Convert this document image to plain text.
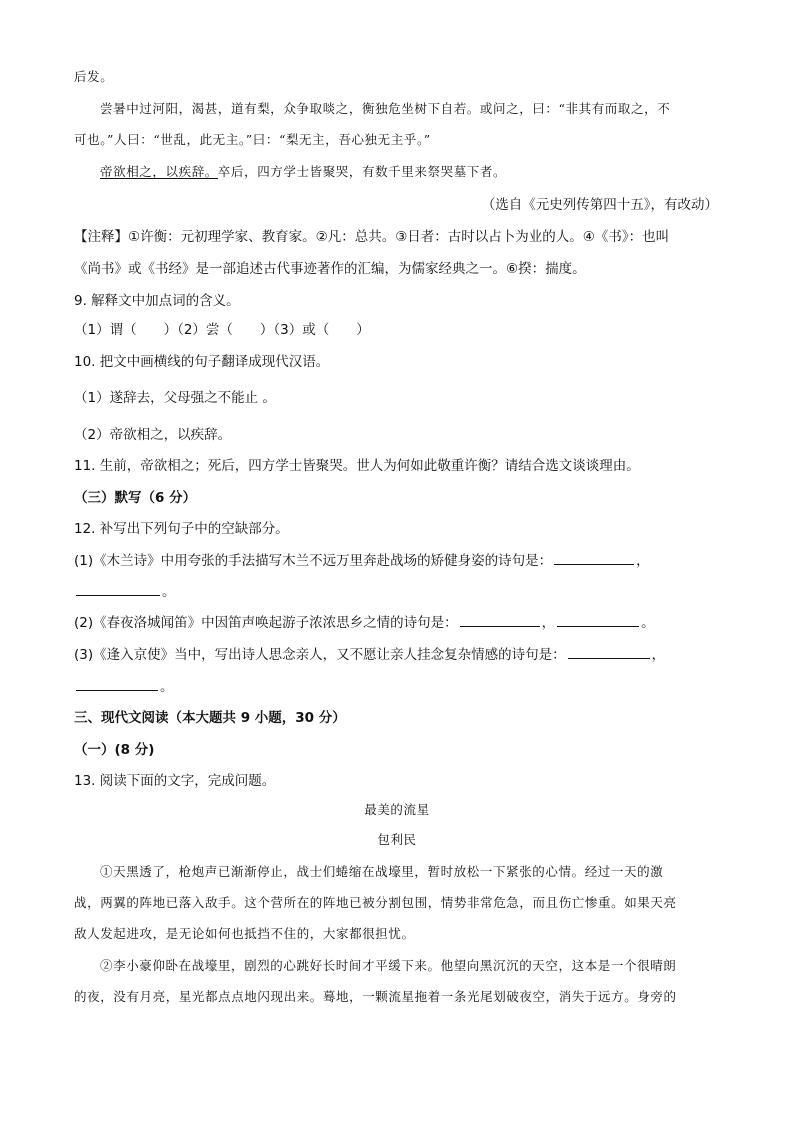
后发。
尝暑中过河阳，渴甚，道有梨，众争取啖之，衡独危坐树下自若。或问之，曰：“非其有而取之，不
可也。”人曰：“世乱，此无主。”曰：“梨无主，吾心独无主乎。”
帝欲相之，以疾辞。卒后，四方学士皆聚哭，有数千里来祭哭墓下者。
（选自《元史列传第四十五》，有改动）
【注释】①许衡：元初理学家、教育家。②凡：总共。③日者：古时以占卜为业的人。④《书》：也叫
《尚书》或《书经》是一部追述古代事迹著作的汇编，为儒家经典之一。⑥揆：揣度。
9. 解释文中加点词的含义。
（1）谓（　　）（2）尝（　　）（3）或（　　）
10. 把文中画横线的句子翻译成现代汉语。
（1）遂辞去，父母强之不能止 。
（2）帝欲相之，以疾辞。
11. 生前，帝欲相之；死后，四方学士皆聚哭。世人为何如此敬重许衡？请结合选文谈谈理由。
（三）默写（6 分）
12. 补写出下列句子中的空缺部分。
(1)《木兰诗》中用夸张的手法描写木兰不远万里奔赴战场的矫健身姿的诗句是：	，
。
(2)《春夜洛城闻笛》中因笛声唤起游子浓浓思乡之情的诗句是：	，	。
(3)《逢入京使》当中，写出诗人思念亲人，又不愿让亲人挂念复杂情感的诗句是：	，
。
三、现代文阅读（本大题共 9 小题，30 分）
（一）(8 分)
13. 阅读下面的文字，完成问题。
最美的流星
包利民
①天黑透了，枪炮声已渐渐停止，战士们蜷缩在战壕里，暂时放松一下紧张的心情。经过一天的激
战，两翼的阵地已落入敌手。这个营所在的阵地已被分割包围，情势非常危急，而且伤亡惨重。如果天亮
敌人发起进攻，是无论如何也抵挡不住的，大家都很担忧。
②李小豪仰卧在战壕里，剧烈的心跳好长时间才平缓下来。他望向黑沉沉的天空，这本是一个很晴朗
的夜，没有月亮，星光都点点地闪现出来。蓦地，一颗流星拖着一条光尾划破夜空，消失于远方。身旁的
